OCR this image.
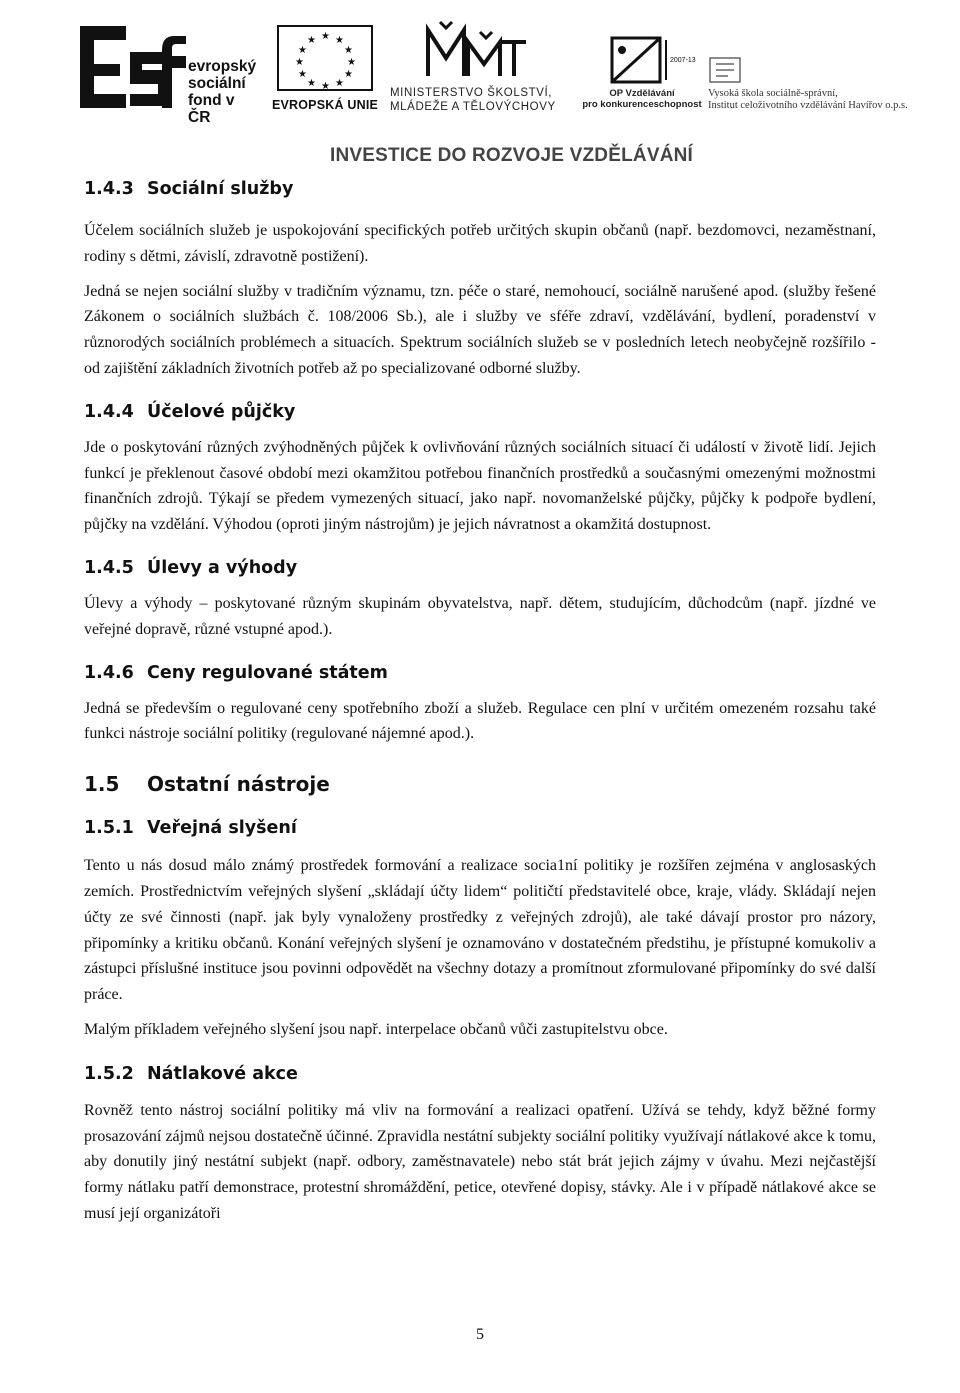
evropský
sociální
fond v ČR
★ ★
★
★
★
★
★
★
★
★
★
★
EVROPSKÁ UNIE
MINISTERSTVO ŠKOLSTVÍ,
MLÁDEŽE A TĚLOVÝCHOVY
2007-13
OP Vzdělávání
pro konkurenceschopnost
Vysoká škola sociálně-správní,
Institut celoživotního vzdělávání Havířov o.p.s.
INVESTICE DO ROZVOJE VZDĚLÁVÁNÍ
1.4.3 Sociální služby

Účelem sociálních služeb je uspokojování specifických potřeb určitých skupin občanů (např. bezdomovci, nezaměstnaní, rodiny s dětmi, závislí, zdravotně postižení).

Jedná se nejen sociální služby v tradičním významu, tzn. péče o staré, nemohoucí, sociálně narušené apod. (služby řešené Zákonem o sociálních službách č. 108/2006 Sb.), ale i služby ve sféře zdraví, vzdělávání, bydlení, poradenství v různorodých sociálních problémech a situacích. Spektrum sociálních služeb se v posledních letech neobyčejně rozšířilo - od zajištění základních životních potřeb až po specializované odborné služby.

1.4.4 Účelové půjčky

Jde o poskytování různých zvýhodněných půjček k ovlivňování různých sociálních situací či událostí v životě lidí. Jejich funkcí je překlenout časové období mezi okamžitou potřebou finančních prostředků a současnými omezenými možnostmi finančních zdrojů. Týkají se předem vymezených situací, jako např. novomanželské půjčky, půjčky k podpoře bydlení, půjčky na vzdělání. Výhodou (oproti jiným nástrojům) je jejich návratnost a okamžitá dostupnost.

1.4.5 Úlevy a výhody

Úlevy a výhody – poskytované různým skupinám obyvatelstva, např. dětem, studujícím, důchodcům (např. jízdné ve veřejné dopravě, různé vstupné apod.).

1.4.6 Ceny regulované státem

Jedná se především o regulované ceny spotřebního zboží a služeb. Regulace cen plní v určitém omezeném rozsahu také funkci nástroje sociální politiky (regulované nájemné apod.).

1.5 Ostatní nástroje
1.5.1 Veřejná slyšení

Tento u nás dosud málo známý prostředek formování a realizace socia1ní politiky je rozšířen zejména v anglosaských zemích. Prostřednictvím veřejných slyšení „skládají účty lidem“ političtí představitelé obce, kraje, vlády. Skládají nejen účty ze své činnosti (např. jak byly vynaloženy prostředky z veřejných zdrojů), ale také dávají prostor pro názory, připomínky a kritiku občanů. Konání veřejných slyšení je oznamováno v dostatečném předstihu, je přístupné komukoliv a zástupci příslušné instituce jsou povinni odpovědět na všechny dotazy a promítnout zformulované připomínky do své další práce.

Malým příkladem veřejného slyšení jsou např. interpelace občanů vůči zastupitelstvu obce.

1.5.2 Nátlakové akce

Rovněž tento nástroj sociální politiky má vliv na formování a realizaci opatření. Užívá se tehdy, když běžné formy prosazování zájmů nejsou dostatečně účinné. Zpravidla nestátní subjekty sociální politiky využívají nátlakové akce k tomu, aby donutily jiný nestátní subjekt (např. odbory, zaměstnavatele) nebo stát brát jejich zájmy v úvahu. Mezi nejčastější formy nátlaku patří demonstrace, protestní shromáždění, petice, otevřené dopisy, stávky. Ale i v případě nátlakové akce se musí její organizátoři

5
